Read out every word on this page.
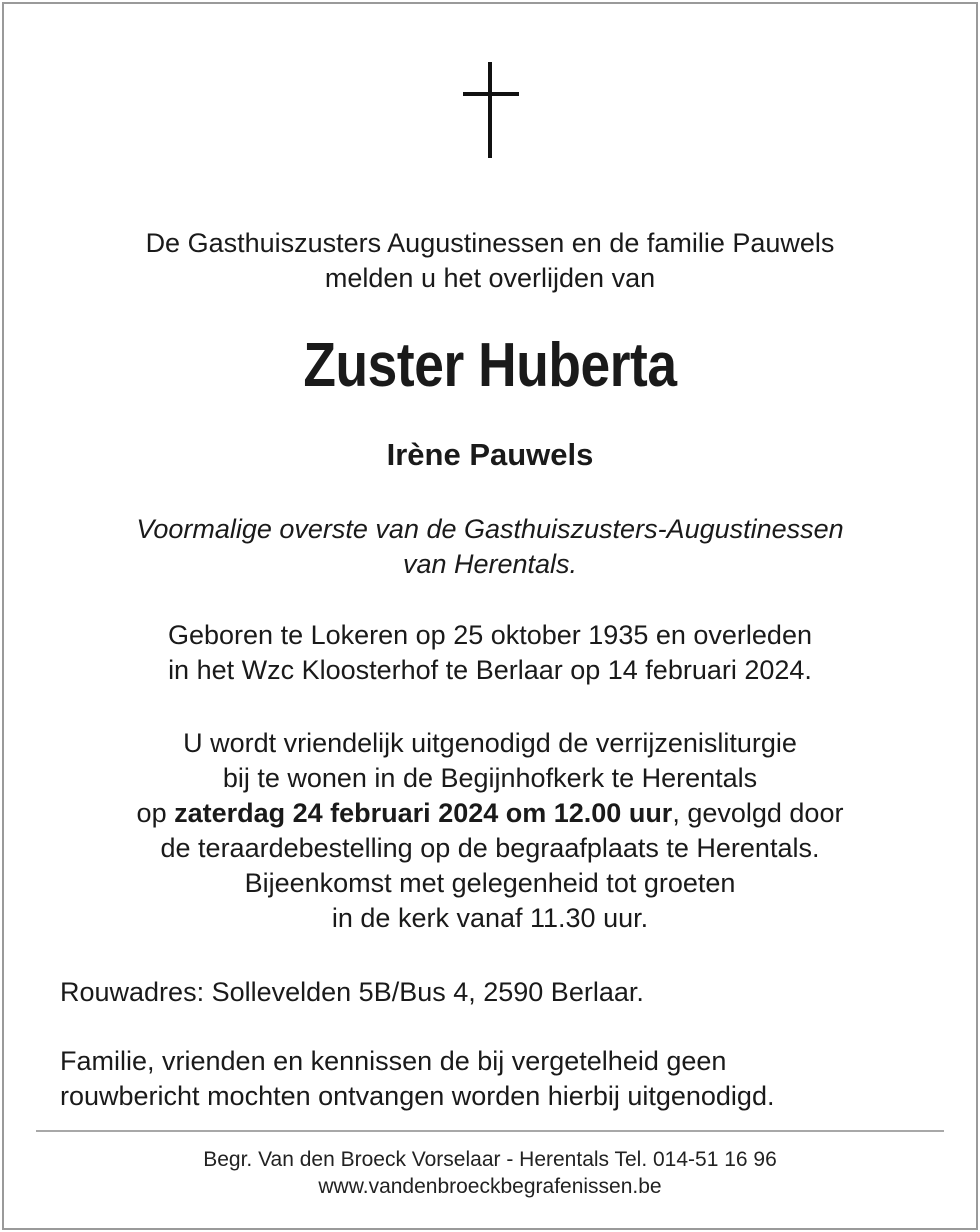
De Gasthuiszusters Augustinessen en de familie Pauwels
melden u het overlijden van
Zuster Huberta
Irène Pauwels
Voormalige overste van de Gasthuiszusters-Augustinessen
van Herentals.
Geboren te Lokeren op 25 oktober 1935 en overleden
in het Wzc Kloosterhof te Berlaar op 14 februari 2024.
U wordt vriendelijk uitgenodigd de verrijzenisliturgie
bij te wonen in de Begijnhofkerk te Herentals
op zaterdag 24 februari 2024 om 12.00 uur, gevolgd door
de teraardebestelling op de begraafplaats te Herentals.
Bijeenkomst met gelegenheid tot groeten
in de kerk vanaf 11.30 uur.
Rouwadres: Sollevelden 5B/Bus 4, 2590 Berlaar.
Familie, vrienden en kennissen de bij vergetelheid geen
rouwbericht mochten ontvangen worden hierbij uitgenodigd.
Begr. Van den Broeck Vorselaar - Herentals Tel. 014-51 16 96
www.vandenbroeckbegrafenissen.be
